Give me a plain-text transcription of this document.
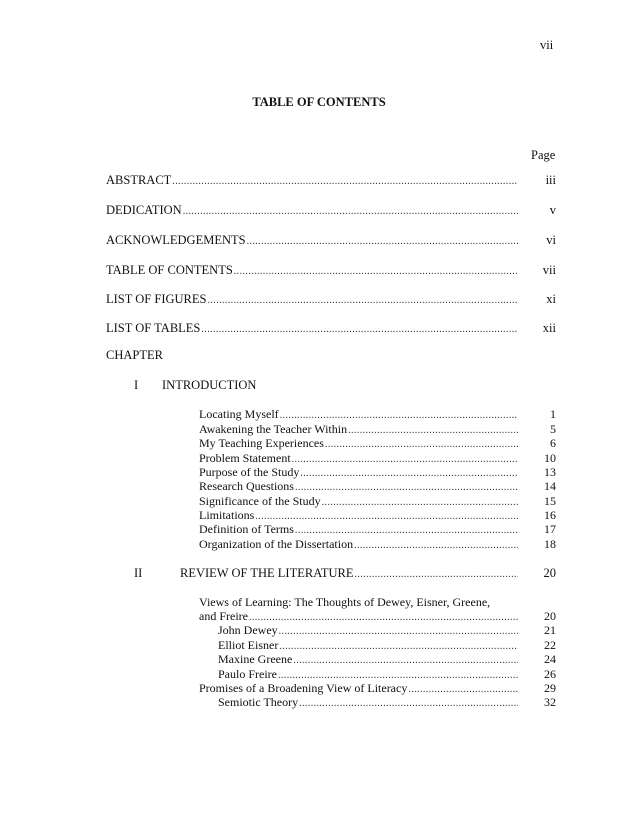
vii
TABLE OF CONTENTS
Page
ABSTRACT .....	iii
DEDICATION .....	v
ACKNOWLEDGEMENTS .....	vi
TABLE OF CONTENTS .....	vii
LIST OF FIGURES .....	xi
LIST OF TABLES .....	xii
CHAPTER
I INTRODUCTION
Locating Myself .....	1
Awakening the Teacher Within .....	5
My Teaching Experiences .....	6
Problem Statement .....	10
Purpose of the Study .....	13
Research Questions .....	14
Significance of the Study .....	15
Limitations .....	16
Definition of Terms .....	17
Organization of the Dissertation .....	18
II	REVIEW OF THE LITERATURE .....	20
Views of Learning: The Thoughts of Dewey, Eisner, Greene,
and Freire .....	20
John Dewey .....	21
Elliot Eisner .....	22
Maxine Greene .....	24
Paulo Freire .....	26
Promises of a Broadening View of Literacy .....	29
Semiotic Theory .....	32
